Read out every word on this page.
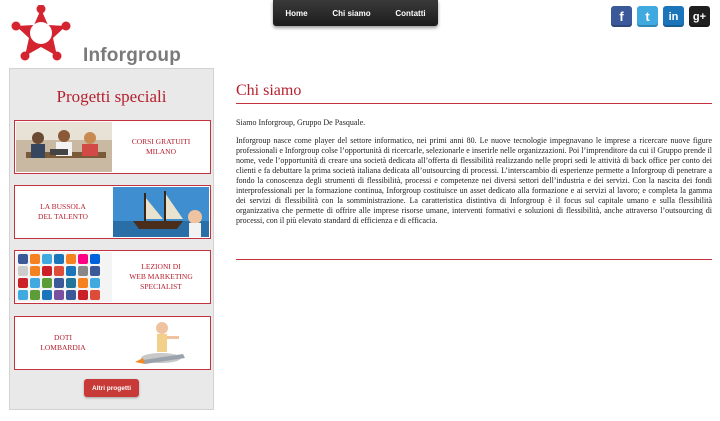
Home	Chi siamo	Contatti
Inforgroup
f	t	in	g+
Progetti speciali
CORSI GRATUITI
MILANO
LA BUSSOLA
DEL TALENTO
LEZIONI DI
WEB MARKETING
SPECIALIST
DOTI
LOMBARDIA
Altri progetti
Chi siamo
Siamo Inforgroup, Gruppo De Pasquale.
Inforgroup nasce come player del settore informatico, nei primi anni 80. Le nuove tecnologie impegnavano le imprese a ricercare nuove figure professionali e Inforgroup colse l’opportunità di ricercarle, selezionarle e inserirle nelle organizzazioni. Poi l’imprenditore da cui il Gruppo prende il nome, vede l’opportunità di creare una società dedicata all’offerta di flessibilità realizzando nelle propri sedi le attività di back office per conto dei clienti e fa debuttare la prima società italiana dedicata all’outsourcing di processi. L’interscambio di esperienze permette a Inforgroup di penetrare a fondo la conoscenza degli strumenti di flessibilità, processi e competenze nei diversi settori dell’industria e dei servizi. Con la nascita dei fondi interprofessionali per la formazione continua, Inforgroup costituisce un asset dedicato alla formazione e ai servizi al lavoro; e completa la gamma dei servizi di flessibilità con la somministrazione. La caratteristica distintiva di Inforgroup è il focus sul capitale umano e sulla flessibilità organizzativa che permette di offrire alle imprese risorse umane, interventi formativi e soluzioni di flessibilità, anche attraverso l’outsourcing di processi, con il più elevato standard di efficienza e di efficacia.
